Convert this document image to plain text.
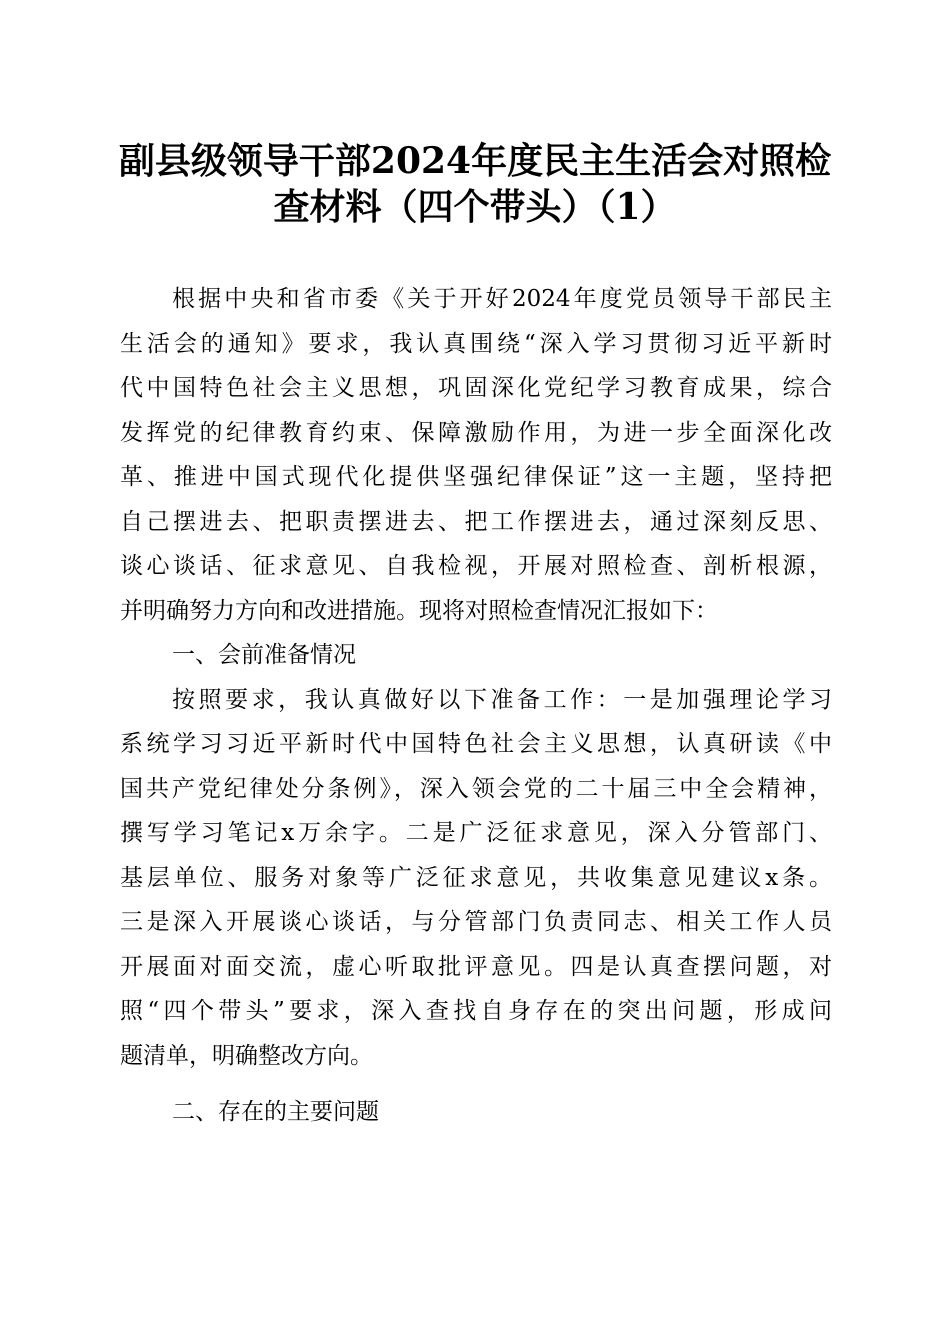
副县级领导干部2024年度民主生活会对照检
查材料（四个带头）（1）
根据中央和省市委《关于开好2024年度党员领导干部民主
生活会的通知》要求，我认真围绕“深入学习贯彻习近平新时
代中国特色社会主义思想，巩固深化党纪学习教育成果，综合
发挥党的纪律教育约束、保障激励作用，为进一步全面深化改
革、推进中国式现代化提供坚强纪律保证”这一主题，坚持把
自己摆进去、把职责摆进去、把工作摆进去，通过深刻反思、
谈心谈话、征求意见、自我检视，开展对照检查、剖析根源，
并明确努力方向和改进措施。现将对照检查情况汇报如下：
一、会前准备情况
按照要求，我认真做好以下准备工作：一是加强理论学习
系统学习习近平新时代中国特色社会主义思想，认真研读《中
国共产党纪律处分条例》，深入领会党的二十届三中全会精神，
撰写学习笔记x万余字。二是广泛征求意见，深入分管部门、
基层单位、服务对象等广泛征求意见，共收集意见建议x条。
三是深入开展谈心谈话，与分管部门负责同志、相关工作人员
开展面对面交流，虚心听取批评意见。四是认真查摆问题，对
照“四个带头”要求，深入查找自身存在的突出问题，形成问
题清单，明确整改方向。
二、存在的主要问题
